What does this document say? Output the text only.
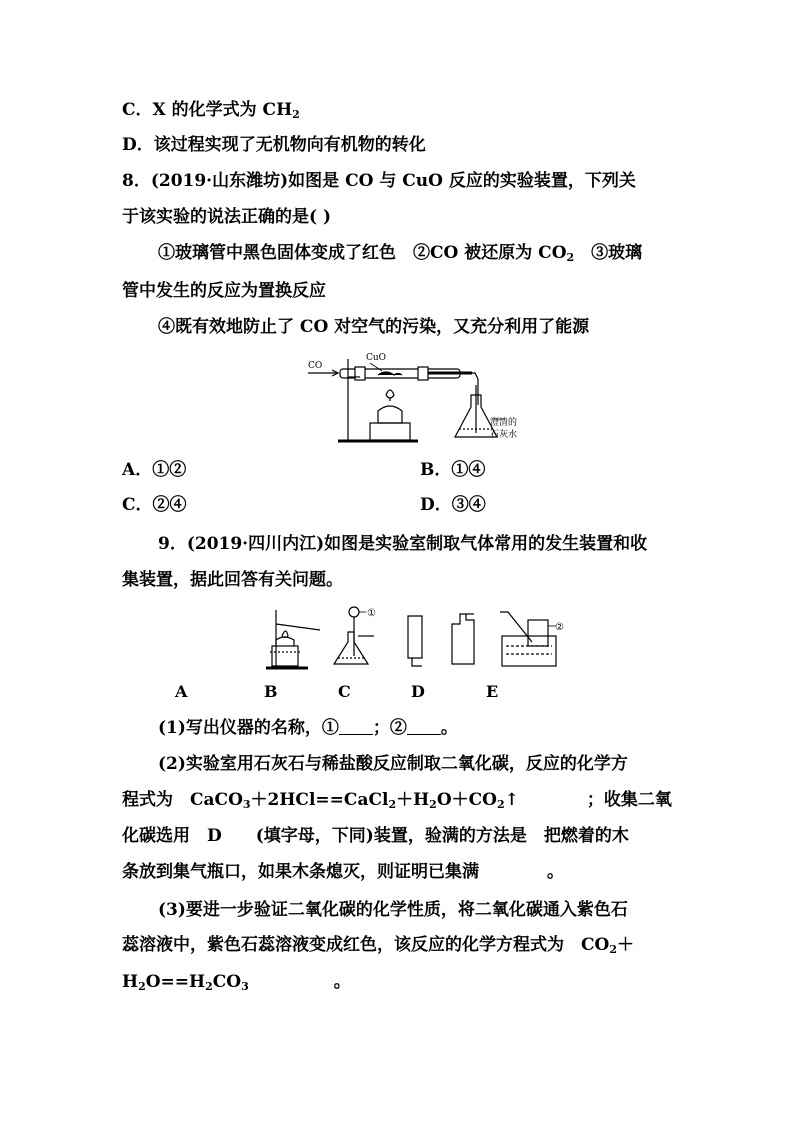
C．X 的化学式为 $CH_2$
D．该过程实现了无机物向有机物的转化
8．(2019·山东潍坊)如图是 CO 与 CuO 反应的实验装置，下列关
于该实验的说法正确的是( )
①玻璃管中黑色固体变成了红色　②CO 被还原为 $CO_2$　③玻璃
管中发生的反应为置换反应
④既有效地防止了 CO 对空气的污染，又充分利用了能源
CO
CuO
澄清的
石灰水
A．①②	B．①④
C．②④	D．③④
9．(2019·四川内江)如图是实验室制取气体常用的发生装置和收
集装置，据此回答有关问题。
①
②
A	B	C	D	E
(1)写出仪器的名称，① ；② 。
(2)实验室用石灰石与稀盐酸反应制取二氧化碳，反应的化学方
程式为　$CaCO_3+2HCl==CaCl_2+H_2O+CO_2↑$　　　　；收集二氧
化碳选用　D　　(填字母，下同)装置，验满的方法是　把燃着的木
条放到集气瓶口，如果木条熄灭，则证明已集满　　　　。
(3)要进一步验证二氧化碳的化学性质，将二氧化碳通入紫色石
蕊溶液中，紫色石蕊溶液变成红色，该反应的化学方程式为　$CO_2+$
$H_2O==H_2CO_3$　　　　　。
